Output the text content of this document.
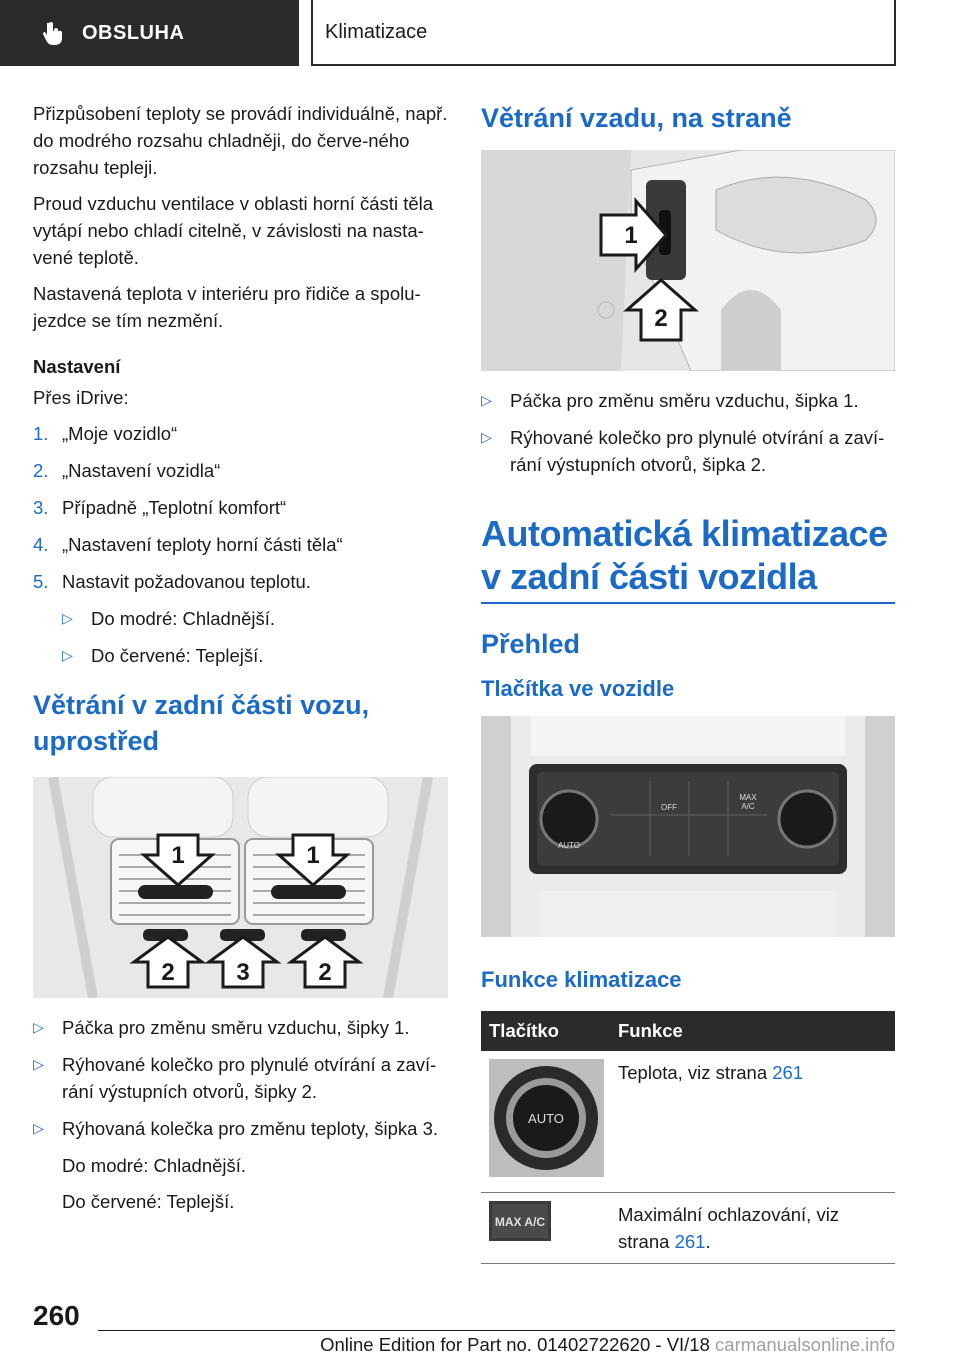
OBSLUHA	Klimatizace

Přizpůsobení teploty se provádí individuálně, např. do modrého rozsahu chladněji, do červe-ného rozsahu tepleji.

Proud vzduchu ventilace v oblasti horní části těla vytápí nebo chladí citelně, v závislosti na nasta-vené teplotě.

Nastavená teplota v interiéru pro řidiče a spolu-jezdce se tím nezmění.

Nastavení

Přes iDrive:

1. „Moje vozidlo“
2. „Nastavení vozidla“
3. Případně „Teplotní komfort“
4. „Nastavení teploty horní části těla“
5. Nastavit požadovanou teplotu.
▷ Do modré: Chladnější.
▷ Do červené: Teplejší.
Větrání v zadní části vozu, uprostřed
1	1
2	3	2
▷ Páčka pro změnu směru vzduchu, šipky 1.
▷ Rýhované kolečko pro plynulé otvírání a zaví-rání výstupních otvorů, šipky 2.
▷ Rýhovaná kolečka pro změnu teploty, šipka 3.

Do modré: Chladnější.

Do červené: Teplejší.

Větrání vzadu, na straně
1
2
▷ Páčka pro změnu směru vzduchu, šipka 1.
▷ Rýhované kolečko pro plynulé otvírání a zaví-rání výstupních otvorů, šipka 2.
Automatická klimatizace v zadní části vozidla
Přehled
Tlačítka ve vozidle
AUTO
OFF
MAX
A/C
Funkce klimatizace
Tlačítko	Funkce

AUTO	Teplota, viz strana 261

MAX A/C	Maximální ochlazování, viz strana 261.
260
Online Edition for Part no. 01402722620 - VI/18 carmanualsonline.info
